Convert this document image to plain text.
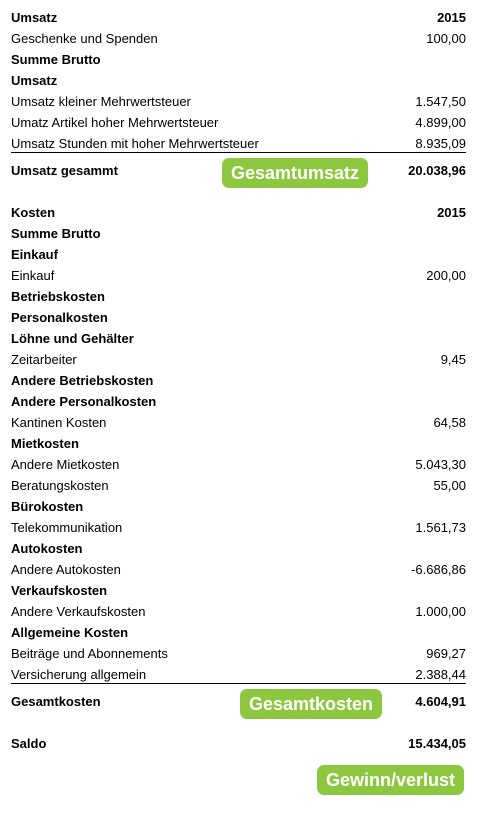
Umsatz	2015
Geschenke und Spenden	100,00
Summe Brutto
Umsatz
Umsatz kleiner Mehrwertsteuer	1.547,50
Umatz Artikel hoher Mehrwertsteuer	4.899,00
Umsatz Stunden mit hoher Mehrwertsteuer	8.935,09
Umsatz gesammt	20.038,96
Gesamtumsatz
Kosten	2015
Summe Brutto
Einkauf
Einkauf	200,00
Betriebskosten
Personalkosten
Löhne und Gehälter
Zeitarbeiter	9,45
Andere Betriebskosten
Andere Personalkosten
Kantinen Kosten	64,58
Mietkosten
Andere Mietkosten	5.043,30
Beratungskosten	55,00
Bürokosten
Telekommunikation	1.561,73
Autokosten
Andere Autokosten	-6.686,86
Verkaufskosten
Andere Verkaufskosten	1.000,00
Allgemeine Kosten
Beiträge und Abonnements	969,27
Versicherung allgemein	2.388,44
Gesamtkosten	4.604,91
Gesamtkosten
Saldo	15.434,05
Gewinn/verlust
